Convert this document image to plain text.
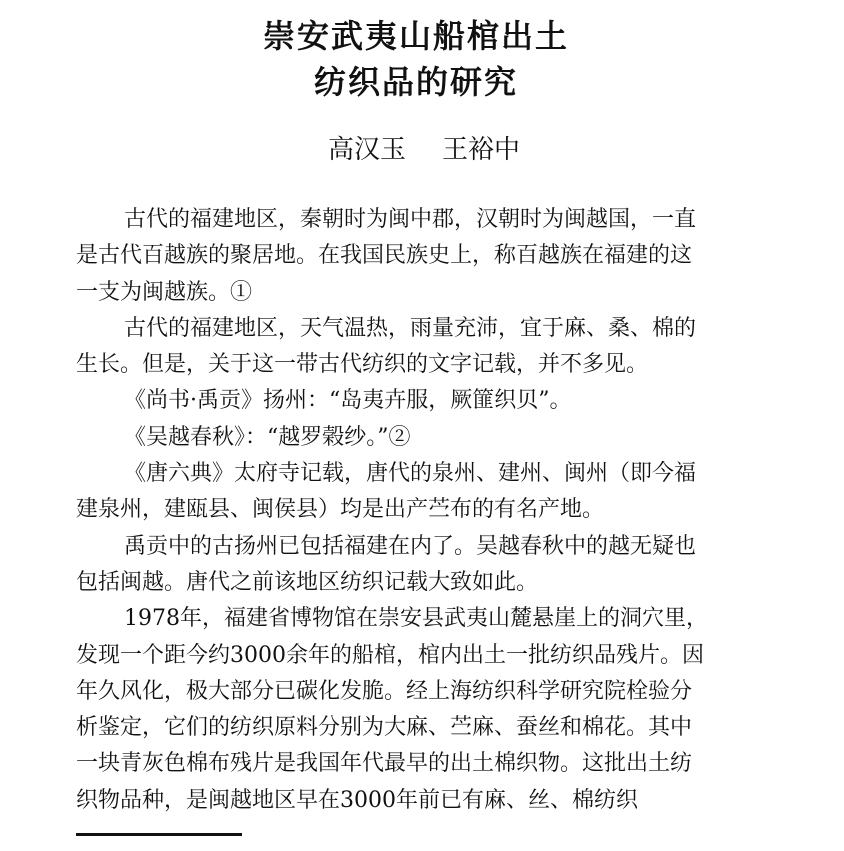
崇安武夷山船棺出土
纺织品的研究
高汉玉 王裕中
古代的福建地区，秦朝时为闽中郡，汉朝时为闽越国，一直
是古代百越族的聚居地。在我国民族史上，称百越族在福建的这
一支为闽越族。①
古代的福建地区，天气温热，雨量充沛，宜于麻、桑、棉的
生长。但是，关于这一带古代纺织的文字记载，并不多见。
《尚书·禹贡》扬州：“岛夷卉服，厥篚织贝”。
《吴越春秋》：“越罗榖纱。”②
《唐六典》太府寺记载，唐代的泉州、建州、闽州（即今福
建泉州，建瓯县、闽侯县）均是出产苎布的有名产地。
禹贡中的古扬州已包括福建在内了。吴越春秋中的越无疑也
包括闽越。唐代之前该地区纺织记载大致如此。
1978年，福建省博物馆在崇安县武夷山麓悬崖上的洞穴里，
发现一个距今约3000余年的船棺，棺内出土一批纺织品残片。因
年久风化，极大部分已碳化发脆。经上海纺织科学研究院栓验分
析鉴定，它们的纺织原料分别为大麻、苎麻、蚕丝和棉花。其中
一块青灰色棉布残片是我国年代最早的出土棉织物。这批出土纺
织物品种，是闽越地区早在3000年前已有麻、丝、棉纺织
